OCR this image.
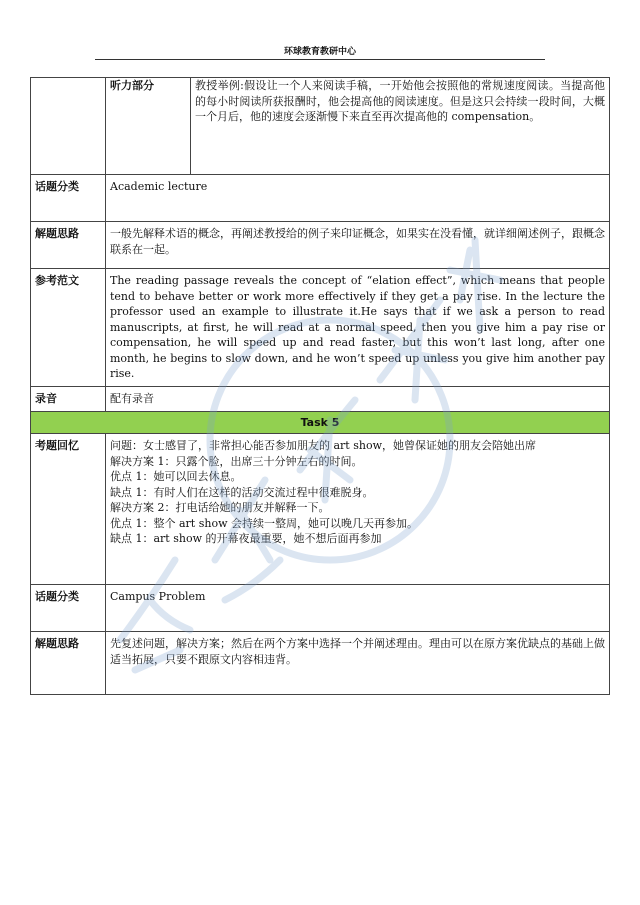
环球教育教研中心

听力部分	教授举例:假设让一个人来阅读手稿，一开始他会按照他的常规速度阅读。当提高他的每小时阅读所获报酬时，他会提高他的阅读速度。但是这只会持续一段时间，大概一个月后，他的速度会逐渐慢下来直至再次提高他的 compensation。

话题分类	Academic lecture
解题思路	一般先解释术语的概念，再阐述教授给的例子来印证概念，如果实在没看懂，就详细阐述例子，跟概念联系在一起。
参考范文	The reading passage reveals the concept of “elation effect”, which means that people tend to behave better or work more effectively if they get a pay rise. In the lecture the professor used an example to illustrate it.He says that if we ask a person to read manuscripts, at first, he will read at a normal speed, then you give him a pay rise or compensation, he will speed up and read faster, but this won’t last long, after one month, he begins to slow down, and he won’t speed up unless you give him another pay rise.
录音	配有录音
Task 5
考题回忆	问题：女士感冒了，非常担心能否参加朋友的 art show，她曾保证她的朋友会陪她出席
解决方案 1：只露个脸，出席三十分钟左右的时间。
优点 1：她可以回去休息。
缺点 1：有时人们在这样的活动交流过程中很难脱身。
解决方案 2：打电话给她的朋友并解释一下。
优点 1：整个 art show 会持续一整周，她可以晚几天再参加。
缺点 1：art show 的开幕夜最重要，她不想后面再参加

话题分类	Campus Problem
解题思路	先复述问题，解决方案；然后在两个方案中选择一个并阐述理由。理由可以在原方案优缺点的基础上做适当拓展，只要不跟原文内容相违背。
